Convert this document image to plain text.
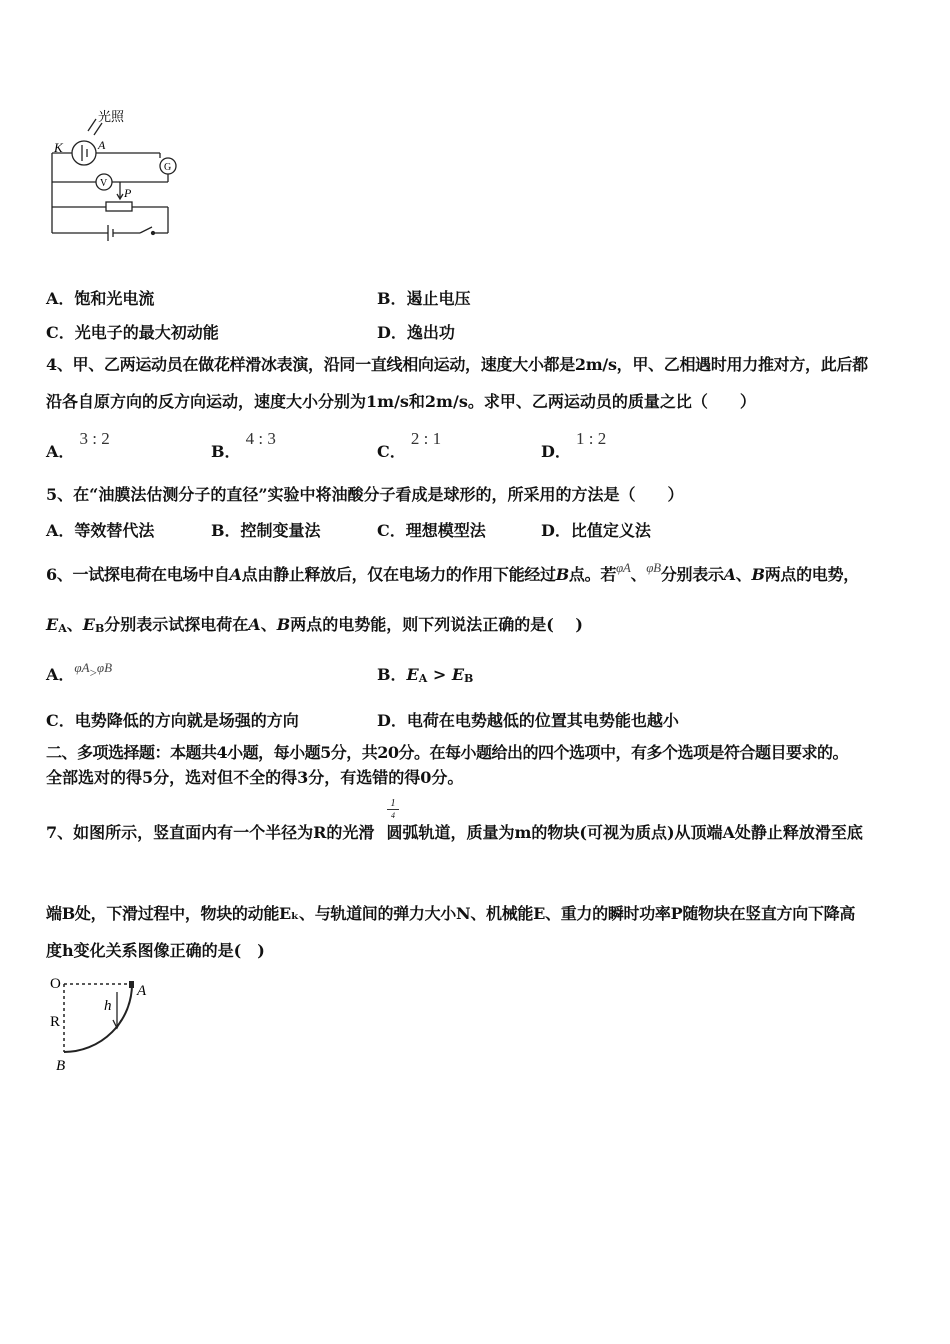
光照
K	A
G
V
P
A．饱和光电流	B．遏止电压
C．光电子的最大初动能	D．逸出功
4、甲、乙两运动员在做花样滑冰表演，沿同一直线相向运动，速度大小都是2m/s，甲、乙相遇时用力推对方，此后都
沿各自原方向的反方向运动，速度大小分别为1m/s和2m/s。求甲、乙两运动员的质量之比（　　）
A． 3 : 2
B． 4 : 3
C． 2 : 1
D． 1 : 2
5、在“油膜法估测分子的直径”实验中将油酸分子看成是球形的，所采用的方法是（　　）
A．等效替代法	B．控制变量法	C．理想模型法	D．比值定义法
6、一试探电荷在电场中自A点由静止释放后，仅在电场力的作用下能经过B点。若$^{\varphi A}$、$^{\varphi B}$分别表示A、B两点的电势，
EA、EB分别表示试探电荷在A、B两点的电势能，则下列说法正确的是(　 )
A．$\varphi A_>\varphi B$	B．EA > EB
C．电势降低的方向就是场强的方向	D．电荷在电势越低的位置其电势能也越小
二、多项选择题：本题共4小题，每小题5分，共20分。在每小题给出的四个选项中，有多个选项是符合题目要求的。
全部选对的得5分，选对但不全的得3分，有选错的得0分。
1
4
7、如图所示，竖直面内有一个半径为R的光滑 圆弧轨道，质量为m的物块(可视为质点)从顶端A处静止释放滑至底
端B处，下滑过程中，物块的动能Eₖ、与轨道间的弹力大小N、机械能E、重力的瞬时功率P随物块在竖直方向下降高
度h变化关系图像正确的是(　)
O
R
h
A
B
